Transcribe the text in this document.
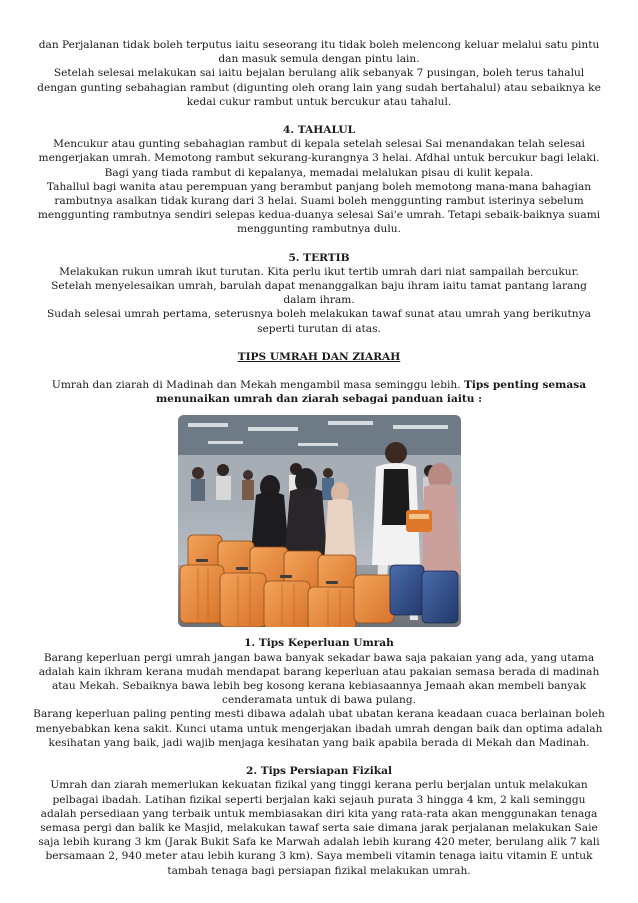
dan Perjalanan tidak boleh terputus iaitu seseorang itu tidak boleh melencong keluar melalui satu pintu dan masuk semula dengan pintu lain.

Setelah selesai melakukan sai iaitu bejalan berulang alik sebanyak 7 pusingan, boleh terus tahalul dengan gunting sebahagian rambut (digunting oleh orang lain yang sudah bertahalul) atau sebaiknya ke kedai cukur rambut untuk bercukur atau tahalul.

4. TAHALUL

Mencukur atau gunting sebahagian rambut di kepala setelah selesai Sai menandakan telah selesai mengerjakan umrah. Memotong rambut sekurang-kurangnya 3 helai. Afdhal untuk bercukur bagi lelaki. Bagi yang tiada rambut di kepalanya, memadai melalukan pisau di kulit kepala.

Tahallul bagi wanita atau perempuan yang berambut panjang boleh memotong mana-mana bahagian rambutnya asalkan tidak kurang dari 3 helai. Suami boleh menggunting rambut isterinya sebelum menggunting rambutnya sendiri selepas kedua-duanya selesai Sai'e umrah. Tetapi sebaik-baiknya suami menggunting rambutnya dulu.

5. TERTIB

Melakukan rukun umrah ikut turutan. Kita perlu ikut tertib umrah dari niat sampailah bercukur.

Setelah menyelesaikan umrah, barulah dapat menanggalkan baju ihram iaitu tamat pantang larang dalam ihram.

Sudah selesai umrah pertama, seterusnya boleh melakukan tawaf sunat atau umrah yang berikutnya seperti turutan di atas.

TIPS UMRAH DAN ZIARAH

Umrah dan ziarah di Madinah dan Mekah mengambil masa seminggu lebih. Tips penting semasa menunaikan umrah dan ziarah sebagai panduan iaitu :

1. Tips Keperluan Umrah

Barang keperluan pergi umrah jangan bawa banyak sekadar bawa saja pakaian yang ada, yang utama adalah kain ikhram kerana mudah mendapat barang keperluan atau pakaian semasa berada di madinah atau Mekah. Sebaiknya bawa lebih beg kosong kerana kebiasaannya Jemaah akan membeli banyak cenderamata untuk di bawa pulang.

Barang keperluan paling penting mesti dibawa adalah ubat ubatan kerana keadaan cuaca berlainan boleh menyebabkan kena sakit. Kunci utama untuk mengerjakan ibadah umrah dengan baik dan optima adalah kesihatan yang baik, jadi wajib menjaga kesihatan yang baik apabila berada di Mekah dan Madinah.

2. Tips Persiapan Fizikal

Umrah dan ziarah memerlukan kekuatan fizikal yang tinggi kerana perlu berjalan untuk melakukan pelbagai ibadah. Latihan fizikal seperti berjalan kaki sejauh purata 3 hingga 4 km, 2 kali seminggu adalah persediaan yang terbaik untuk membiasakan diri kita yang rata-rata akan menggunakan tenaga semasa pergi dan balik ke Masjid, melakukan tawaf serta saie dimana jarak perjalanan melakukan Saie saja lebih kurang 3 km (Jarak Bukit Safa ke Marwah adalah lebih kurang 420 meter, berulang alik 7 kali bersamaan 2, 940 meter atau lebih kurang 3 km). Saya membeli vitamin tenaga iaitu vitamin E untuk tambah tenaga bagi persiapan fizikal melakukan umrah.
